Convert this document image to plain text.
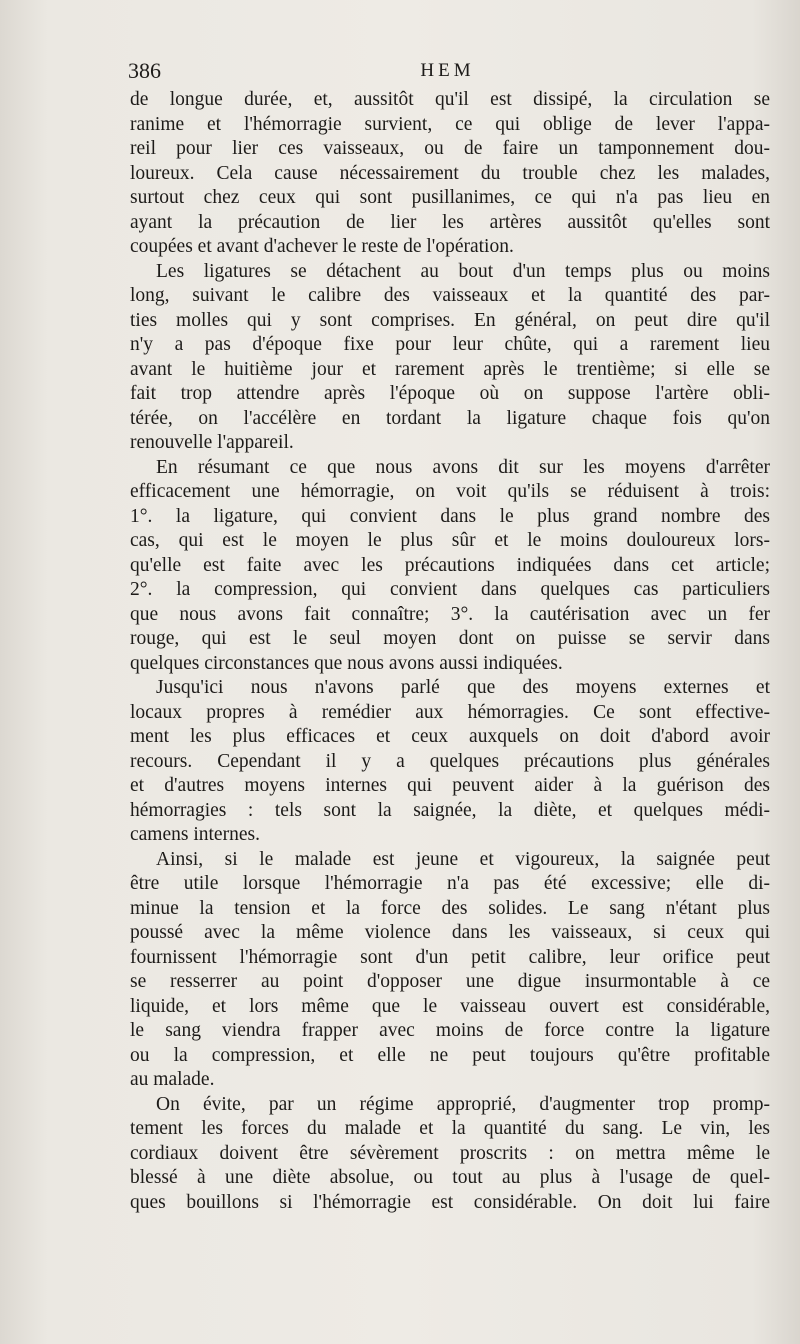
386	HEM
de longue durée, et, aussitôt qu'il est dissipé, la circulation se
ranime et l'hémorragie survient, ce qui oblige de lever l'appa-
reil pour lier ces vaisseaux, ou de faire un tamponnement dou-
loureux. Cela cause nécessairement du trouble chez les malades,
surtout chez ceux qui sont pusillanimes, ce qui n'a pas lieu en
ayant la précaution de lier les artères aussitôt qu'elles sont
coupées et avant d'achever le reste de l'opération.
Les ligatures se détachent au bout d'un temps plus ou moins
long, suivant le calibre des vaisseaux et la quantité des par-
ties molles qui y sont comprises. En général, on peut dire qu'il
n'y a pas d'époque fixe pour leur chûte, qui a rarement lieu
avant le huitième jour et rarement après le trentième; si elle se
fait trop attendre après l'époque où on suppose l'artère obli-
térée, on l'accélère en tordant la ligature chaque fois qu'on
renouvelle l'appareil.
En résumant ce que nous avons dit sur les moyens d'arrêter
efficacement une hémorragie, on voit qu'ils se réduisent à trois:
1°. la ligature, qui convient dans le plus grand nombre des
cas, qui est le moyen le plus sûr et le moins douloureux lors-
qu'elle est faite avec les précautions indiquées dans cet article;
2°. la compression, qui convient dans quelques cas particuliers
que nous avons fait connaître; 3°. la cautérisation avec un fer
rouge, qui est le seul moyen dont on puisse se servir dans
quelques circonstances que nous avons aussi indiquées.
Jusqu'ici nous n'avons parlé que des moyens externes et
locaux propres à remédier aux hémorragies. Ce sont effective-
ment les plus efficaces et ceux auxquels on doit d'abord avoir
recours. Cependant il y a quelques précautions plus générales
et d'autres moyens internes qui peuvent aider à la guérison des
hémorragies : tels sont la saignée, la diète, et quelques médi-
camens internes.
Ainsi, si le malade est jeune et vigoureux, la saignée peut
être utile lorsque l'hémorragie n'a pas été excessive; elle di-
minue la tension et la force des solides. Le sang n'étant plus
poussé avec la même violence dans les vaisseaux, si ceux qui
fournissent l'hémorragie sont d'un petit calibre, leur orifice peut
se resserrer au point d'opposer une digue insurmontable à ce
liquide, et lors même que le vaisseau ouvert est considérable,
le sang viendra frapper avec moins de force contre la ligature
ou la compression, et elle ne peut toujours qu'être profitable
au malade.
On évite, par un régime approprié, d'augmenter trop promp-
tement les forces du malade et la quantité du sang. Le vin, les
cordiaux doivent être sévèrement proscrits : on mettra même le
blessé à une diète absolue, ou tout au plus à l'usage de quel-
ques bouillons si l'hémorragie est considérable. On doit lui faire
